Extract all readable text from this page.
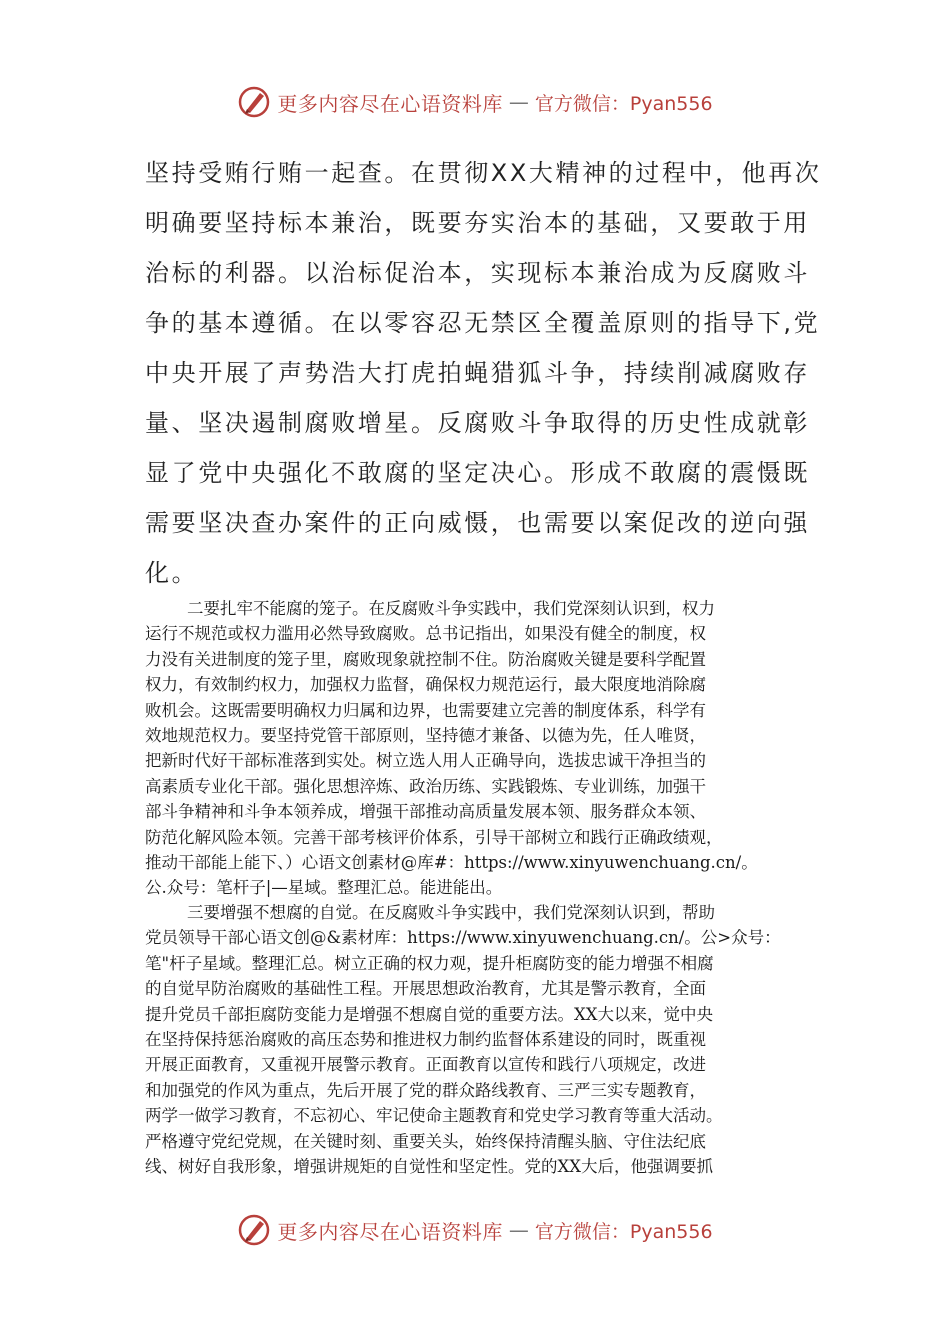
更多内容尽在心语资料库 — 官方微信：Pyan556
坚持受贿行贿一起查。在贯彻XX大精神的过程中，他再次
明确要坚持标本兼治，既要夯实治本的基础，又要敢于用
治标的利器。以治标促治本，实现标本兼治成为反腐败斗
争的基本遵循。在以零容忍无禁区全覆盖原则的指导下,党
中央开展了声势浩大打虎拍蝇猎狐斗争，持续削减腐败存
量、坚决遏制腐败增星。反腐败斗争取得的历史性成就彰
显了党中央强化不敢腐的坚定决心。形成不敢腐的震慑既
需要坚决查办案件的正向威慑，也需要以案促改的逆向强
化。
二要扎牢不能腐的笼子。在反腐败斗争实践中，我们党深刻认识到，权力
运行不规范或权力滥用必然导致腐败。总书记指出，如果没有健全的制度，权
力没有关进制度的笼子里，腐败现象就控制不住。防治腐败关键是要科学配置
权力，有效制约权力，加强权力监督，确保权力规范运行，最大限度地消除腐
败机会。这既需要明确权力归属和边界，也需要建立完善的制度体系，科学有
效地规范权力。要坚持党管干部原则，坚持德才兼备、以德为先，任人唯贤，
把新时代好干部标准落到实处。树立选人用人正确导向，选拔忠诚干净担当的
高素质专业化干部。强化思想淬炼、政治历练、实践锻炼、专业训练，加强干
部斗争精神和斗争本领养成，增强干部推动高质量发展本领、服务群众本领、
防范化解风险本领。完善干部考核评价体系，引导干部树立和践行正确政绩观，
推动干部能上能下、）心语文创素材@库#：https://www.xinyuwenchuang.cn/。
公.众号：笔杆子|—星域。整理汇总。能进能出。
三要增强不想腐的自觉。在反腐败斗争实践中，我们党深刻认识到，帮助
党员领导干部心语文创@&素材库：https://www.xinyuwenchuang.cn/。公>众号：
笔"杆子星域。整理汇总。树立正确的权力观，提升柜腐防变的能力增强不相腐
的自觉早防治腐败的基础性工程。开展思想政治教育，尤其是警示教育，全面
提升党员千部拒腐防变能力是增强不想腐自觉的重要方法。XX大以来，觉中央
在坚持保持惩治腐败的高压态势和推进权力制约监督体系建设的同时，既重视
开展正面教育，又重视开展警示教育。正面教育以宣传和践行八项规定，改进
和加强党的作风为重点，先后开展了党的群众路线教育、三严三实专题教育，
两学一做学习教育，不忘初心、牢记使命主题教育和党史学习教育等重大活动。
严格遵守党纪党规，在关键时刻、重要关头，始终保持清醒头脑、守住法纪底
线、树好自我形象，增强讲规矩的自觉性和坚定性。党的XX大后，他强调要抓
更多内容尽在心语资料库 — 官方微信：Pyan556
